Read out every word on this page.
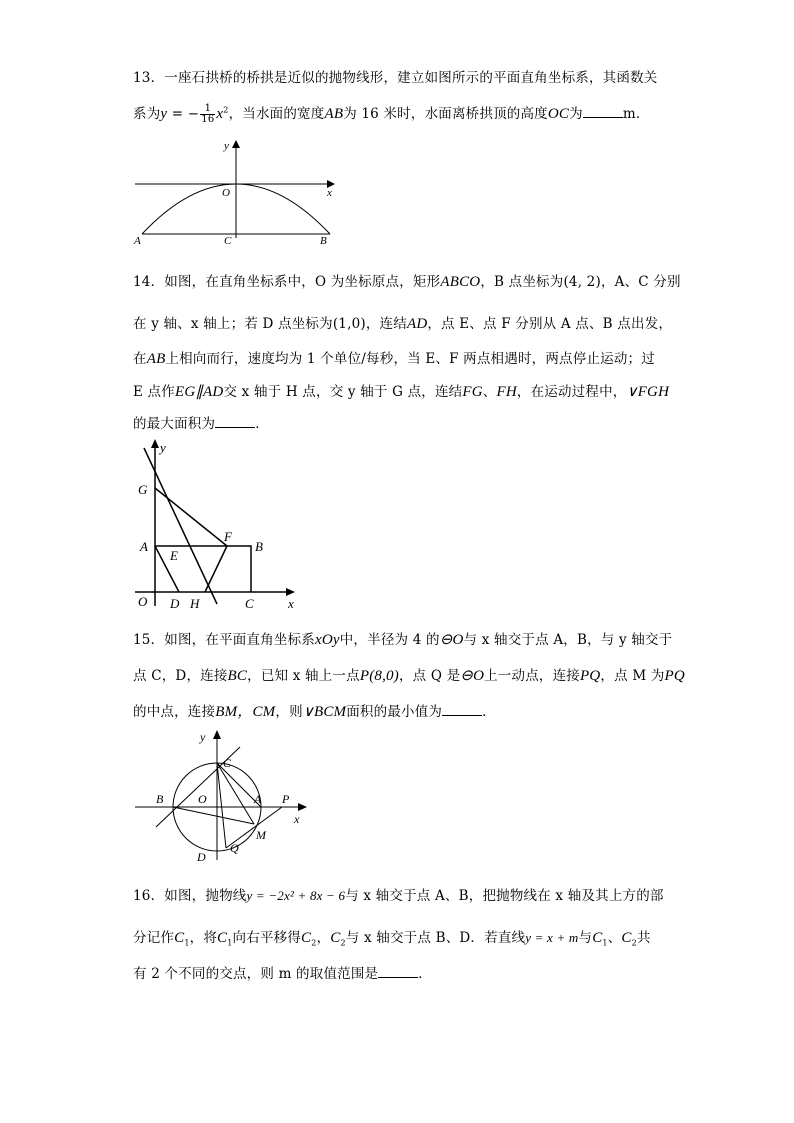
13．一座石拱桥的桥拱是近似的抛物线形，建立如图所示的平面直角坐标系，其函数关
系为y = − $\frac{1}{16} x^2$，当水面的宽度AB为 16 米时，水面离桥拱顶的高度OC为	m．
y
x
O
A	C	B
14．如图，在直角坐标系中，O 为坐标原点，矩形ABCO，B 点坐标为(4, 2)，A、C 分别
在 y 轴、x 轴上；若 D 点坐标为(1,0)，连结AD，点 E、点 F 分别从 A 点、B 点出发，
在AB上相向而行，速度均为 1 个单位/每秒，当 E、F 两点相遇时，两点停止运动；过
E 点作EG∥AD交 x 轴于 H 点，交 y 轴于 G 点，连结FG、FH，在运动过程中，∨FGH
的最大面积为	．
y
G
A
E
F
B
O D H	C	x
15．如图，在平面直角坐标系xOy中，半径为 4 的⊖O与 x 轴交于点 A，B，与 y 轴交于
点 C，D，连接BC，已知 x 轴上一点P(8,0)，点 Q 是⊖O上一动点，连接PQ，点 M 为PQ
的中点，连接BM，CM，则∨BCM面积的最小值为	．
y
C
B	O	A P
x
M
Q
D
16．如图，抛物线y = −2x² + 8x − 6与 x 轴交于点 A、B，把抛物线在 x 轴及其上方的部
分记作$C_1$，将$C_1$向右平移得$C_2$，$C_2$与 x 轴交于点 B、D．若直线y = x + m与$C_1$、$C_2$共
有 2 个不同的交点，则 m 的取值范围是	．
